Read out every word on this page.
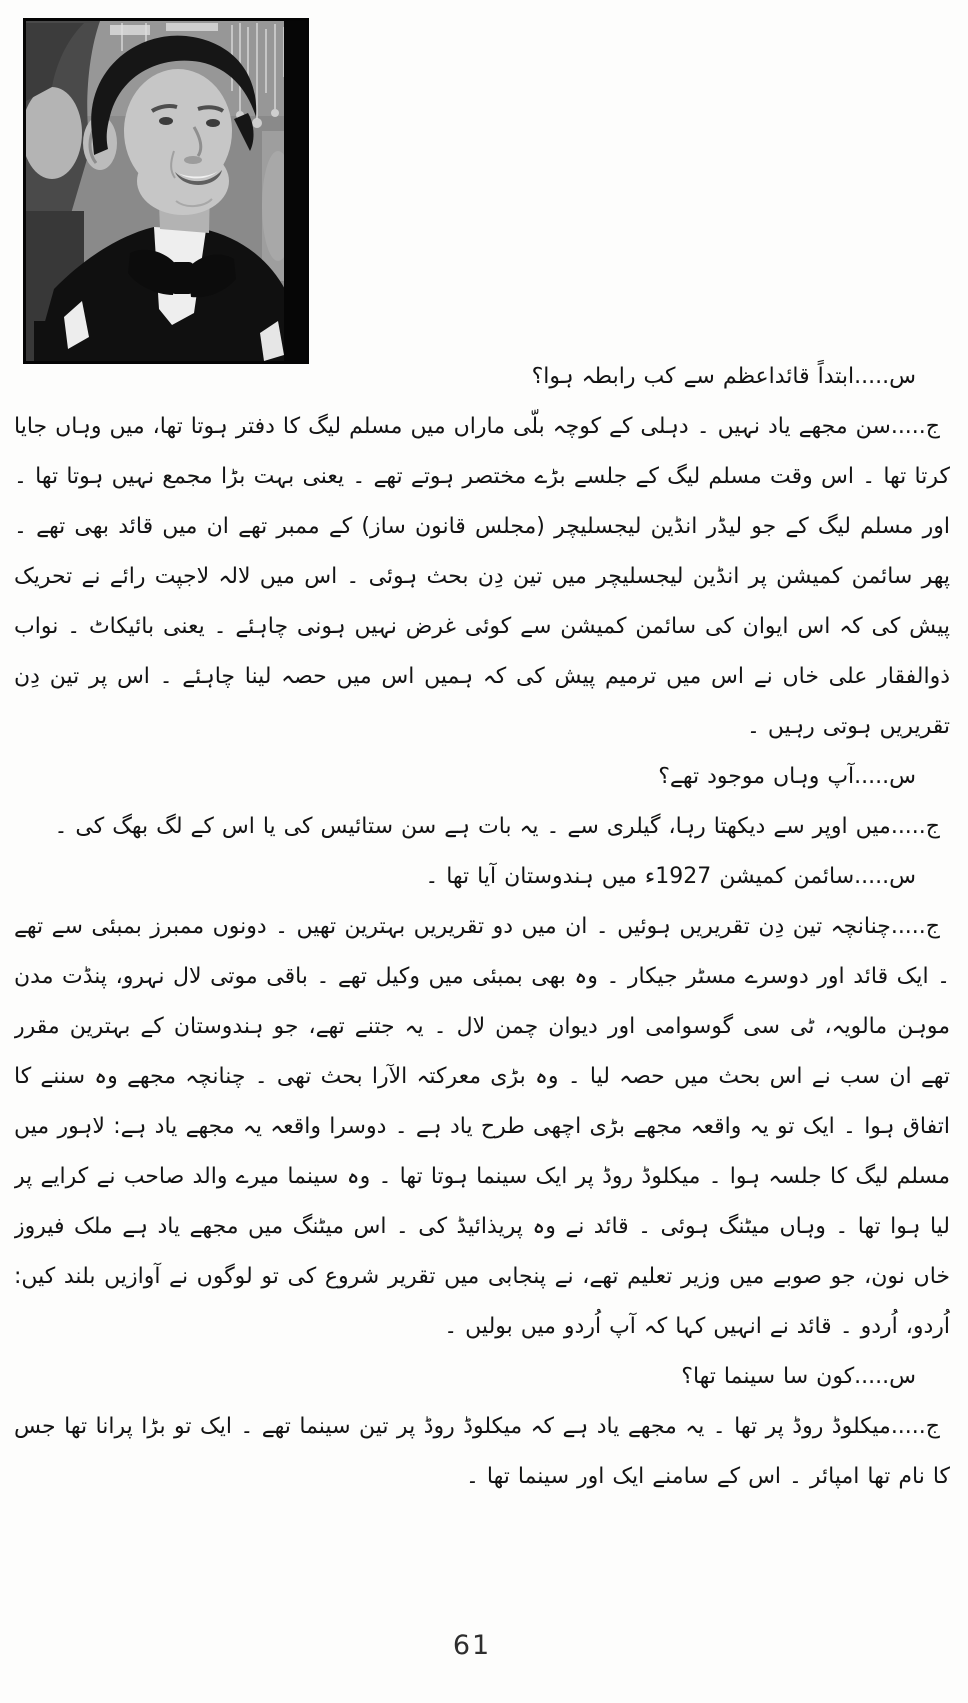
س.....ابتداً قائداعظم سے کب رابطہ ہوا؟

ج.....سن مجھے یاد نہیں ۔ دہلی کے کوچہ بلّی ماراں میں مسلم لیگ کا دفتر ہوتا تھا، میں وہاں جایا کرتا تھا ۔ اس وقت مسلم لیگ کے جلسے بڑے مختصر ہوتے تھے ۔ یعنی بہت بڑا مجمع نہیں ہوتا تھا ۔ اور مسلم لیگ کے جو لیڈر انڈین لیجسلیچر (مجلس قانون ساز) کے ممبر تھے ان میں قائد بھی تھے ۔ پھر سائمن کمیشن پر انڈین لیجسلیچر میں تین دِن بحث ہوئی ۔ اس میں لالہ لاجپت رائے نے تحریک پیش کی کہ اس ایوان کی سائمن کمیشن سے کوئی غرض نہیں ہونی چاہئے ۔ یعنی بائیکاٹ ۔ نواب ذوالفقار علی خاں نے اس میں ترمیم پیش کی کہ ہمیں اس میں حصہ لینا چاہئے ۔ اس پر تین دِن تقریریں ہوتی رہیں ۔

س.....آپ وہاں موجود تھے؟

ج.....میں اوپر سے دیکھتا رہا، گیلری سے ۔ یہ بات ہے سن ستائیس کی یا اس کے لگ بھگ کی ۔

س.....سائمن کمیشن 1927ء میں ہندوستان آیا تھا ۔

ج.....چنانچہ تین دِن تقریریں ہوئیں ۔ ان میں دو تقریریں بہترین تھیں ۔ دونوں ممبرز بمبئی سے تھے ۔ ایک قائد اور دوسرے مسٹر جیکار ۔ وہ بھی بمبئی میں وکیل تھے ۔ باقی موتی لال نہرو، پنڈت مدن موہن مالویہ، ٹی سی گوسوامی اور دیوان چمن لال ۔ یہ جتنے تھے، جو ہندوستان کے بہترین مقرر تھے ان سب نے اس بحث میں حصہ لیا ۔ وہ بڑی معرکتہ الآرا بحث تھی ۔ چنانچہ مجھے وہ سننے کا اتفاق ہوا ۔ ایک تو یہ واقعہ مجھے بڑی اچھی طرح یاد ہے ۔ دوسرا واقعہ یہ مجھے یاد ہے: لاہور میں مسلم لیگ کا جلسہ ہوا ۔ میکلوڈ روڈ پر ایک سینما ہوتا تھا ۔ وہ سینما میرے والد صاحب نے کرایے پر لیا ہوا تھا ۔ وہاں میٹنگ ہوئی ۔ قائد نے وہ پریذائیڈ کی ۔ اس میٹنگ میں مجھے یاد ہے ملک فیروز خاں نون، جو صوبے میں وزیر تعلیم تھے، نے پنجابی میں تقریر شروع کی تو لوگوں نے آوازیں بلند کیں: اُردو، اُردو ۔ قائد نے انہیں کہا کہ آپ اُردو میں بولیں ۔

س.....کون سا سینما تھا؟

ج.....میکلوڈ روڈ پر تھا ۔ یہ مجھے یاد ہے کہ میکلوڈ روڈ پر تین سینما تھے ۔ ایک تو بڑا پرانا تھا جس کا نام تھا امپائر ۔ اس کے سامنے ایک اور سینما تھا ۔

61
